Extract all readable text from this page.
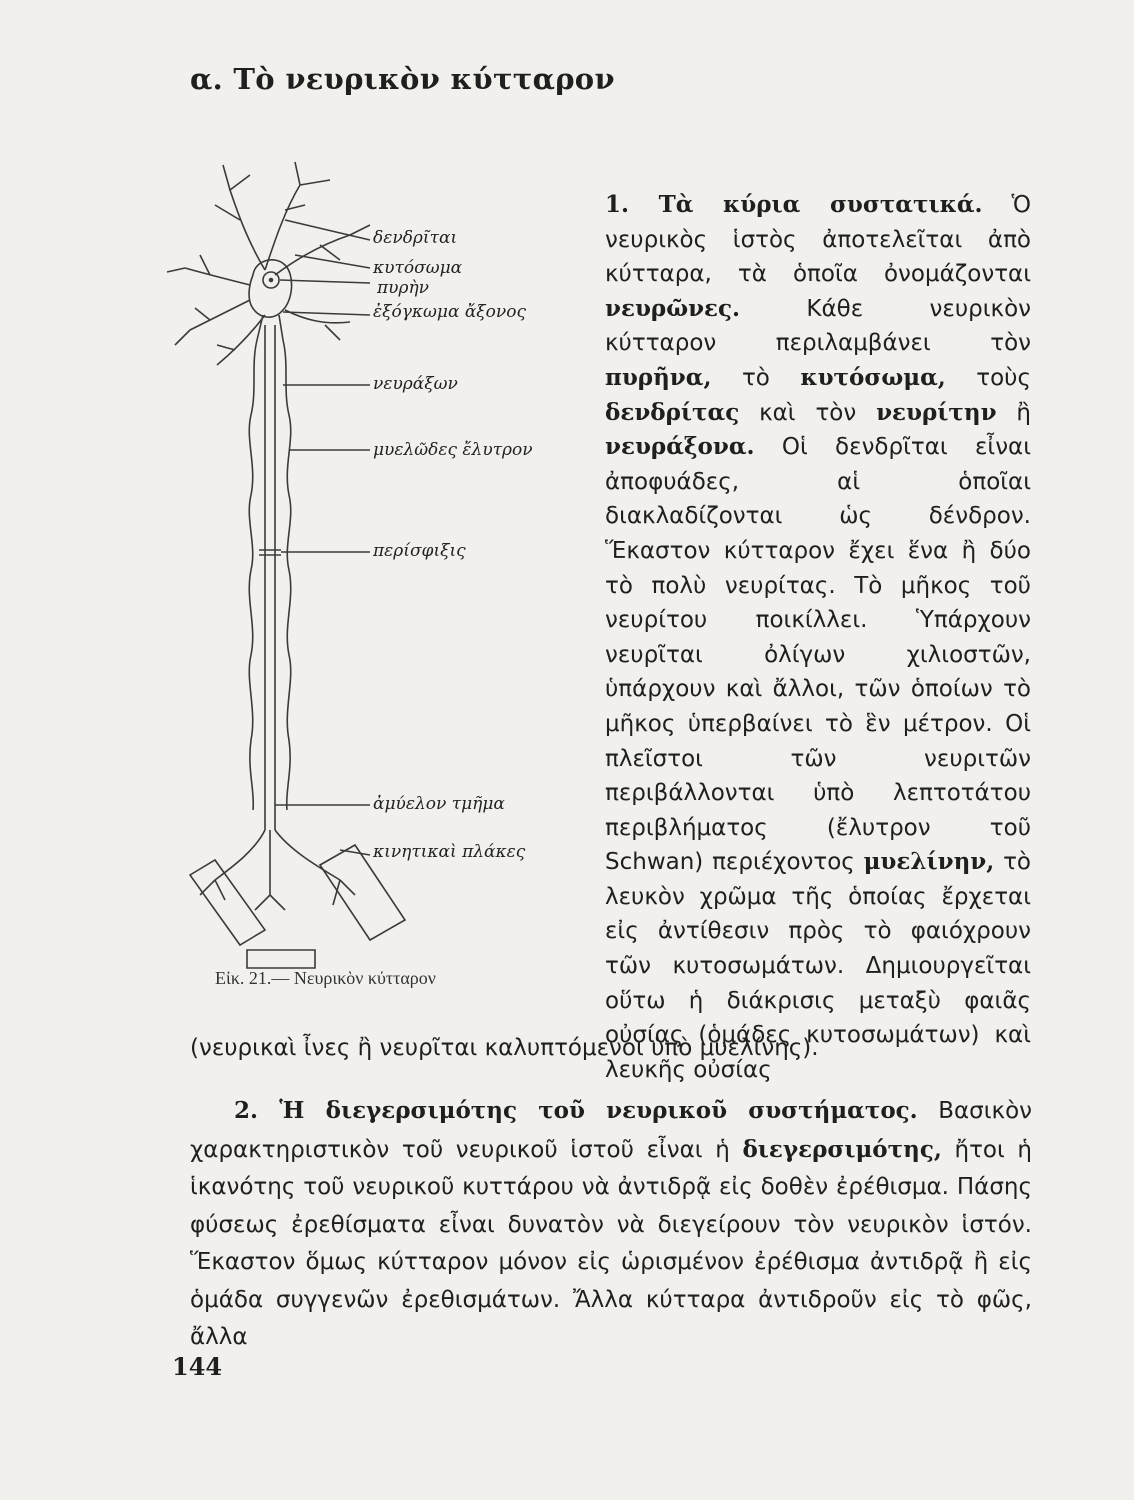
α. Τὸ νευρικὸν κύτταρον
δενδρῖται
κυτόσωμα
πυρὴν
ἐξόγκωμα ἄξονος
νευράξων
μυελῶδες ἔλυτρον
περίσφιξις
ἀμύελον τμῆμα
κινητικαὶ πλάκες
Εἰκ. 21.— Νευρικὸν κύτταρον
1. Τὰ κύρια συστατικά. Ὁ νευρικὸς ἱστὸς ἀποτελεῖται ἀπὸ κύτταρα, τὰ ὁποῖα ὀνομάζονται νευρῶνες. Κάθε νευρικὸν κύτταρον περιλαμβάνει τὸν πυρῆνα, τὸ κυτόσωμα, τοὺς δενδρίτας καὶ τὸν νευρίτην ἢ νευράξονα. Οἱ δενδρῖται εἶναι ἀποφυάδες, αἱ ὁποῖαι διακλαδίζονται ὡς δένδρον. Ἕκαστον κύτταρον ἔχει ἕνα ἢ δύο τὸ πολὺ νευρίτας. Τὸ μῆκος τοῦ νευρίτου ποικίλλει. Ὑπάρχουν νευρῖται ὀλίγων χιλιοστῶν, ὑπάρχουν καὶ ἄλλοι, τῶν ὁποίων τὸ μῆκος ὑπερβαίνει τὸ ἓν μέτρον. Οἱ πλεῖστοι τῶν νευριτῶν περιβάλλονται ὑπὸ λεπτοτάτου περιβλήματος (ἔλυτρον τοῦ Schwan) περιέχοντος μυελίνην, τὸ λευκὸν χρῶμα τῆς ὁποίας ἔρχεται εἰς ἀντίθεσιν πρὸς τὸ φαιόχρουν τῶν κυτοσωμάτων. Δημιουργεῖται οὕτω ἡ διάκρισις μεταξὺ φαιᾶς οὐσίας (ὁμάδες κυτοσωμάτων) καὶ λευκῆς οὐσίας
(νευρικαὶ ἶνες ἢ νευρῖται καλυπτόμενοι ὑπὸ μυελίνης).
2. Ἡ διεγερσιμότης τοῦ νευρικοῦ συστήματος. Βασικὸν χαρακτηριστικὸν τοῦ νευρικοῦ ἱστοῦ εἶναι ἡ διεγερσιμότης, ἤτοι ἡ ἱκανότης τοῦ νευρικοῦ κυττάρου νὰ ἀντιδρᾷ εἰς δοθὲν ἐρέθισμα. Πάσης φύσεως ἐρεθίσματα εἶναι δυνατὸν νὰ διεγείρουν τὸν νευρικὸν ἱστόν. Ἕκαστον ὅμως κύτταρον μόνον εἰς ὡρισμένον ἐρέθισμα ἀντιδρᾷ ἢ εἰς ὁμάδα συγγενῶν ἐρεθισμάτων. Ἄλλα κύτταρα ἀντιδροῦν εἰς τὸ φῶς, ἄλλα
144
